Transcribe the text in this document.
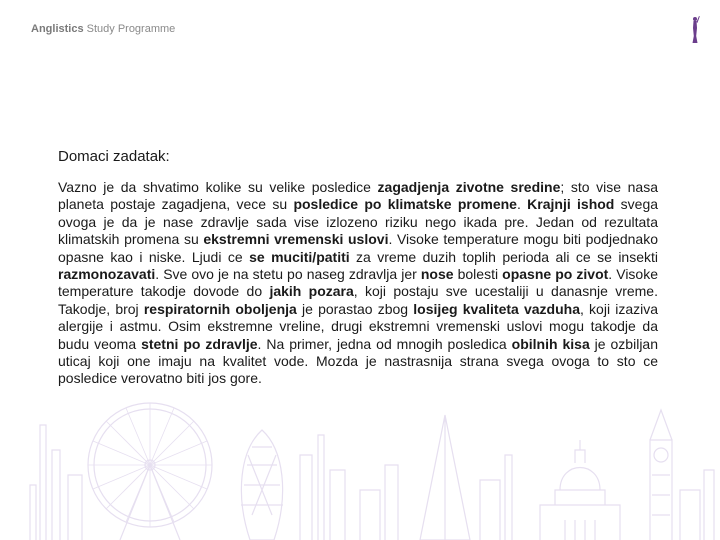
Anglistics Study Programme

Domaci zadatak:

Vazno je da shvatimo kolike su velike posledice zagadjenja zivotne sredine; sto vise nasa planeta postaje zagadjena, vece su posledice po klimatske promene. Krajnji ishod svega ovoga je da je nase zdravlje sada vise izlozeno riziku nego ikada pre. Jedan od rezultata klimatskih promena su ekstremni vremenski uslovi. Visoke temperature mogu biti podjednako opasne kao i niske. Ljudi ce se muciti/patiti za vreme duzih toplih perioda ali ce se insekti razmonozavati. Sve ovo je na stetu po naseg zdravlja jer nose bolesti opasne po zivot. Visoke temperature takodje dovode do jakih pozara, koji postaju sve ucestaliji u danasnje vreme. Takodje, broj respiratornih oboljenja je porastao zbog losijeg kvaliteta vazduha, koji izaziva alergije i astmu. Osim ekstremne vreline, drugi ekstremni vremenski uslovi mogu takodje da budu veoma stetni po zdravlje. Na primer, jedna od mnogih posledica obilnih kisa je ozbiljan uticaj koji one imaju na kvalitet vode. Mozda je nastrasnija strana svega ovoga to sto ce posledice verovatno biti jos gore.
